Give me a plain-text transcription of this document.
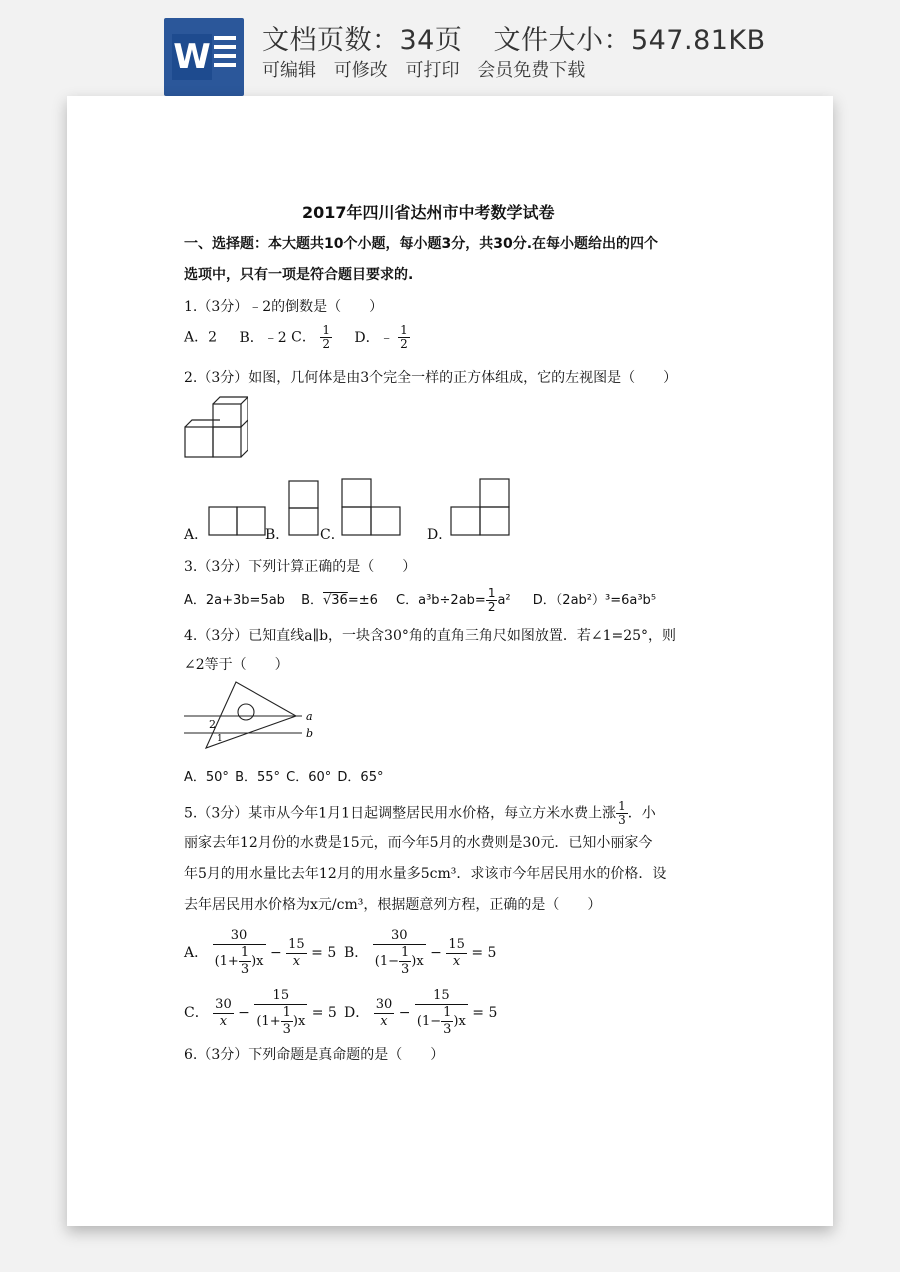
W 文档页数：34页 文件大小：547.81KB
可编辑 可修改 可打印 会员免费下载
2017年四川省达州市中考数学试卷
一、选择题：本大题共10个小题，每小题3分，共30分.在每小题给出的四个
选项中，只有一项是符合题目要求的.
1.（3分）﹣2的倒数是（　　）
A．2 B．﹣2 C． $\frac{1}{2}$ D．﹣ $\frac{1}{2}$
2.（3分）如图，几何体是由3个完全一样的正方体组成，它的左视图是（　　）
A．	B． C．	D．
3.（3分）下列计算正确的是（　　）
A．2a+3b=5ab B．√36=±6 C．$a^3b\div 2ab= \frac{1}{2} a^2$ D．（2ab²）³=6a³b⁵
4.（3分）已知直线a∥b，一块含30°角的直角三角尺如图放置．若∠1=25°，则
∠2等于（　　）
a
b
2
1
A．50° B．55° C．60° D．65°
5.（3分）某市从今年1月1日起调整居民用水价格，每立方米水费上涨 $\frac{1}{3}$ ．小
丽家去年12月份的水费是15元，而今年5月的水费则是30元．已知小丽家今
年5月的用水量比去年12月的用水量多5cm³．求该市今年居民用水的价格．设
去年居民用水价格为x元/cm³，根据题意列方程，正确的是（　　）
A． $\frac{30}{(1+ \frac{1}{3} )x} - \frac{15}{x} = 5$ B． $\frac{30}{(1- \frac{1}{3} )x} - \frac{15}{x} = 5$
C． $\frac{30}{x} - \frac{15}{(1+ \frac{1}{3} )x} = 5$ D． $\frac{30}{x} - \frac{15}{(1- \frac{1}{3} )x} = 5$
6.（3分）下列命题是真命题的是（　　）
